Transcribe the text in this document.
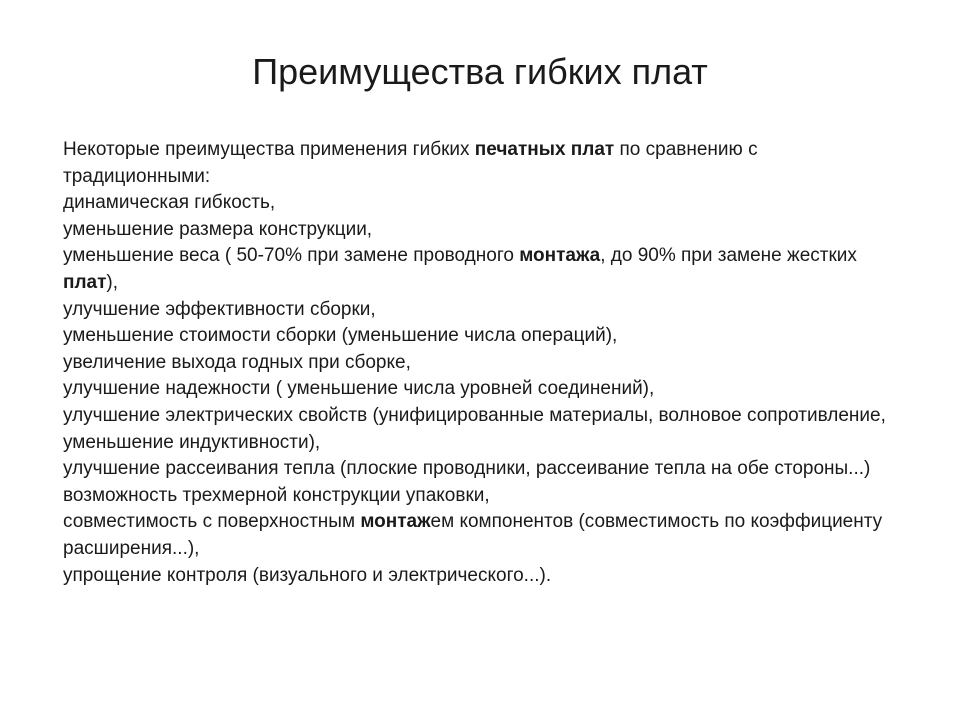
Преимущества гибких плат

Некоторые преимущества применения гибких печатных плат по сравнению с традиционными:

динамическая гибкость,

уменьшение размера конструкции,

уменьшение веса ( 50-70% при замене проводного монтажа, до 90% при замене жестких плат),

улучшение эффективности сборки,

уменьшение стоимости сборки (уменьшение числа операций),

увеличение выхода годных при сборке,

улучшение надежности ( уменьшение числа уровней соединений),

улучшение электрических свойств (унифицированные материалы, волновое сопротивление, уменьшение индуктивности),

улучшение рассеивания тепла (плоские проводники, рассеивание тепла на обе стороны...)

возможность трехмерной конструкции упаковки,

совместимость с поверхностным монтажем компонентов (совместимость по коэффициенту расширения...),

упрощение контроля (визуального и электрического...).
